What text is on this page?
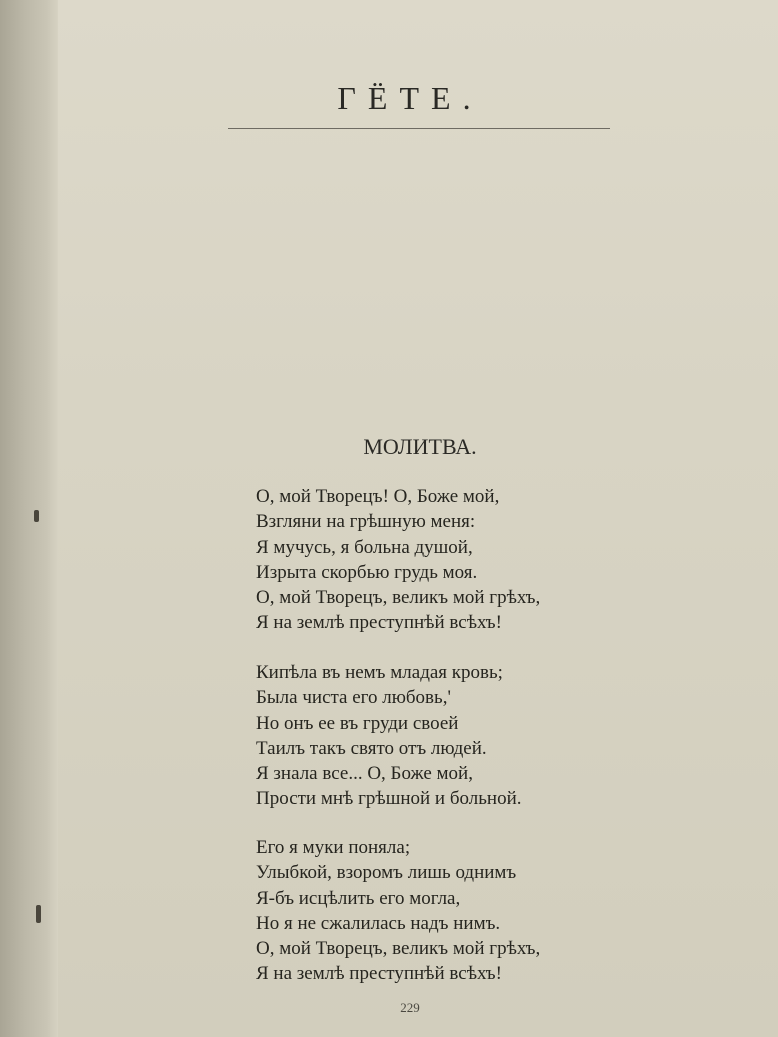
ГЁТЕ.
МОЛИТВА.
О, мой Творецъ! О, Боже мой,
Взгляни на грѣшную меня:
Я мучусь, я больна душой,
Изрыта скорбью грудь моя.
О, мой Творецъ, великъ мой грѣхъ,
Я на землѣ преступнѣй всѣхъ!
Кипѣла въ немъ младая кровь;
Была чиста его любовь,'
Но онъ ее въ груди своей
Таилъ такъ свято отъ людей.
Я знала все... О, Боже мой,
Прости мнѣ грѣшной и больной.
Его я муки поняла;
Улыбкой, взоромъ лишь однимъ
Я-бъ исцѣлить его могла,
Но я не сжалилась надъ нимъ.
О, мой Творецъ, великъ мой грѣхъ,
Я на землѣ преступнѣй всѣхъ!
229
